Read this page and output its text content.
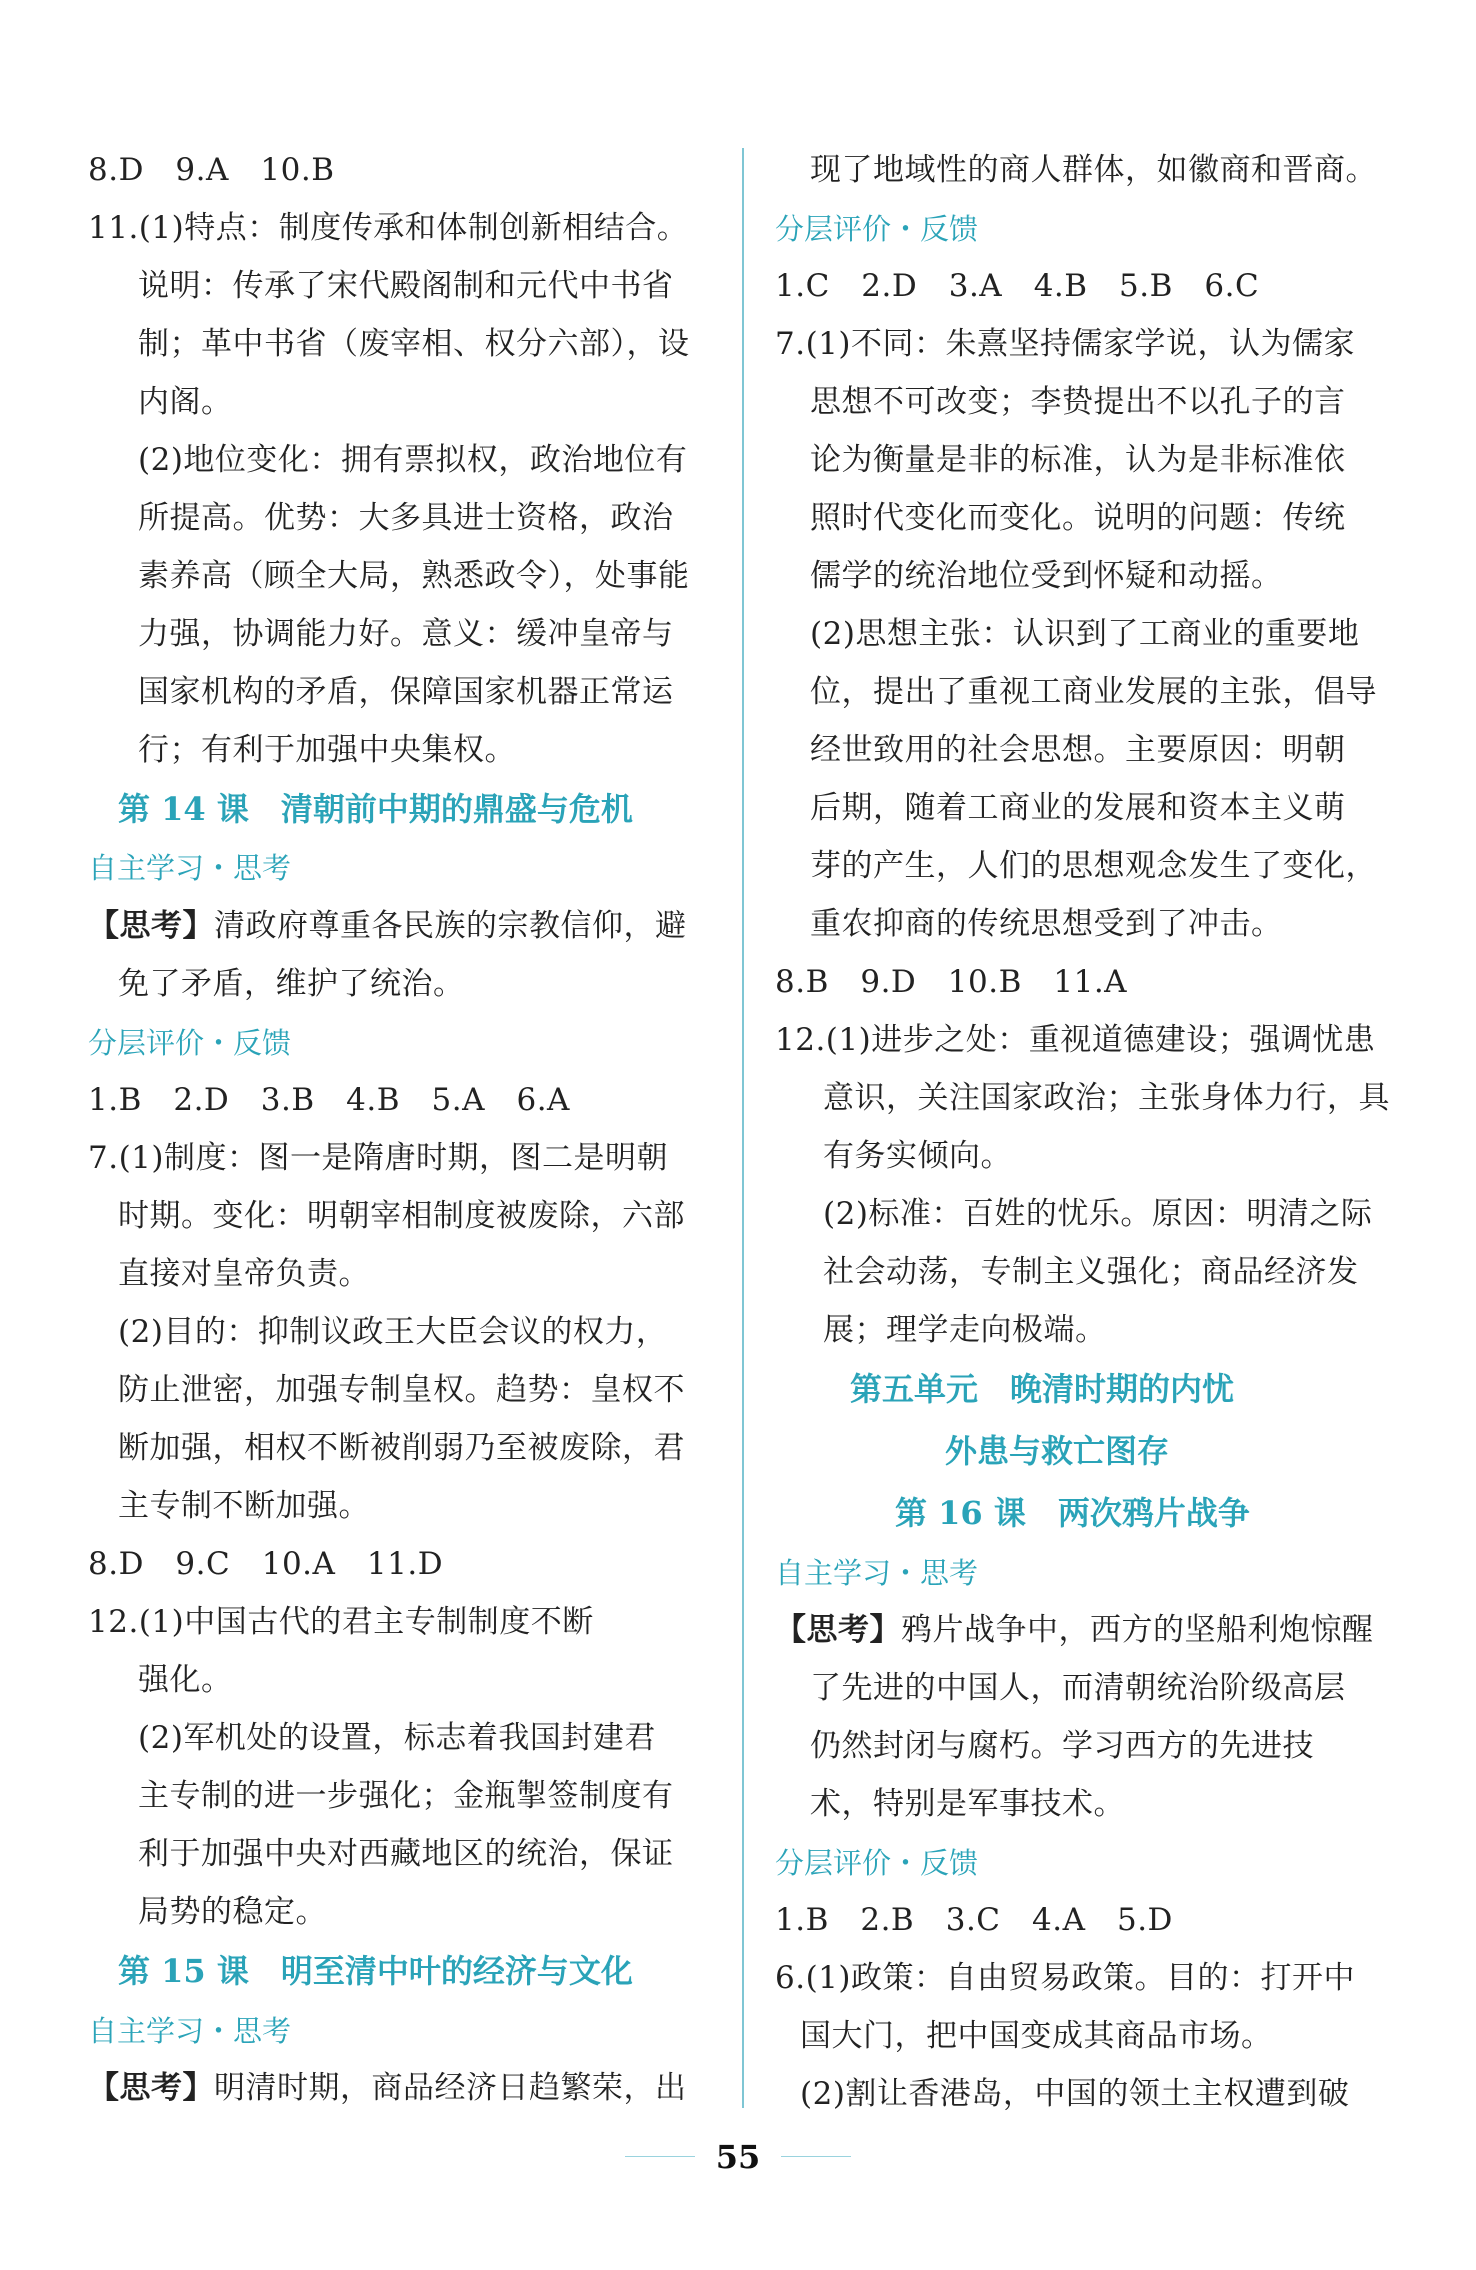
8.D　9.A　10.B
11.(1)特点：制度传承和体制创新相结合。
说明：传承了宋代殿阁制和元代中书省
制；革中书省（废宰相、权分六部），设
内阁。
(2)地位变化：拥有票拟权，政治地位有
所提高。优势：大多具进士资格，政治
素养高（顾全大局，熟悉政令），处事能
力强，协调能力好。意义：缓冲皇帝与
国家机构的矛盾，保障国家机器正常运
行；有利于加强中央集权。
第 14 课　清朝前中期的鼎盛与危机
自主学习・思考
【思考】清政府尊重各民族的宗教信仰，避
免了矛盾，维护了统治。
分层评价・反馈
1.B　2.D　3.B　4.B　5.A　6.A
7.(1)制度：图一是隋唐时期，图二是明朝
时期。变化：明朝宰相制度被废除，六部
直接对皇帝负责。
(2)目的：抑制议政王大臣会议的权力，
防止泄密，加强专制皇权。趋势：皇权不
断加强，相权不断被削弱乃至被废除，君
主专制不断加强。
8.D　9.C　10.A　11.D
12.(1)中国古代的君主专制制度不断
强化。
(2)军机处的设置，标志着我国封建君
主专制的进一步强化；金瓶掣签制度有
利于加强中央对西藏地区的统治，保证
局势的稳定。
第 15 课　明至清中叶的经济与文化
自主学习・思考
【思考】明清时期，商品经济日趋繁荣，出
现了地域性的商人群体，如徽商和晋商。
分层评价・反馈
1.C　2.D　3.A　4.B　5.B　6.C
7.(1)不同：朱熹坚持儒家学说，认为儒家
思想不可改变；李贽提出不以孔子的言
论为衡量是非的标准，认为是非标准依
照时代变化而变化。说明的问题：传统
儒学的统治地位受到怀疑和动摇。
(2)思想主张：认识到了工商业的重要地
位，提出了重视工商业发展的主张，倡导
经世致用的社会思想。主要原因：明朝
后期，随着工商业的发展和资本主义萌
芽的产生，人们的思想观念发生了变化，
重农抑商的传统思想受到了冲击。
8.B　9.D　10.B　11.A
12.(1)进步之处：重视道德建设；强调忧患
意识，关注国家政治；主张身体力行，具
有务实倾向。
(2)标准：百姓的忧乐。原因：明清之际
社会动荡，专制主义强化；商品经济发
展；理学走向极端。
第五单元　晚清时期的内忧
外患与救亡图存
第 16 课　两次鸦片战争
自主学习・思考
【思考】鸦片战争中，西方的坚船利炮惊醒
了先进的中国人，而清朝统治阶级高层
仍然封闭与腐朽。学习西方的先进技
术，特别是军事技术。
分层评价・反馈
1.B　2.B　3.C　4.A　5.D
6.(1)政策：自由贸易政策。目的：打开中
国大门，把中国变成其商品市场。
(2)割让香港岛，中国的领土主权遭到破
55
